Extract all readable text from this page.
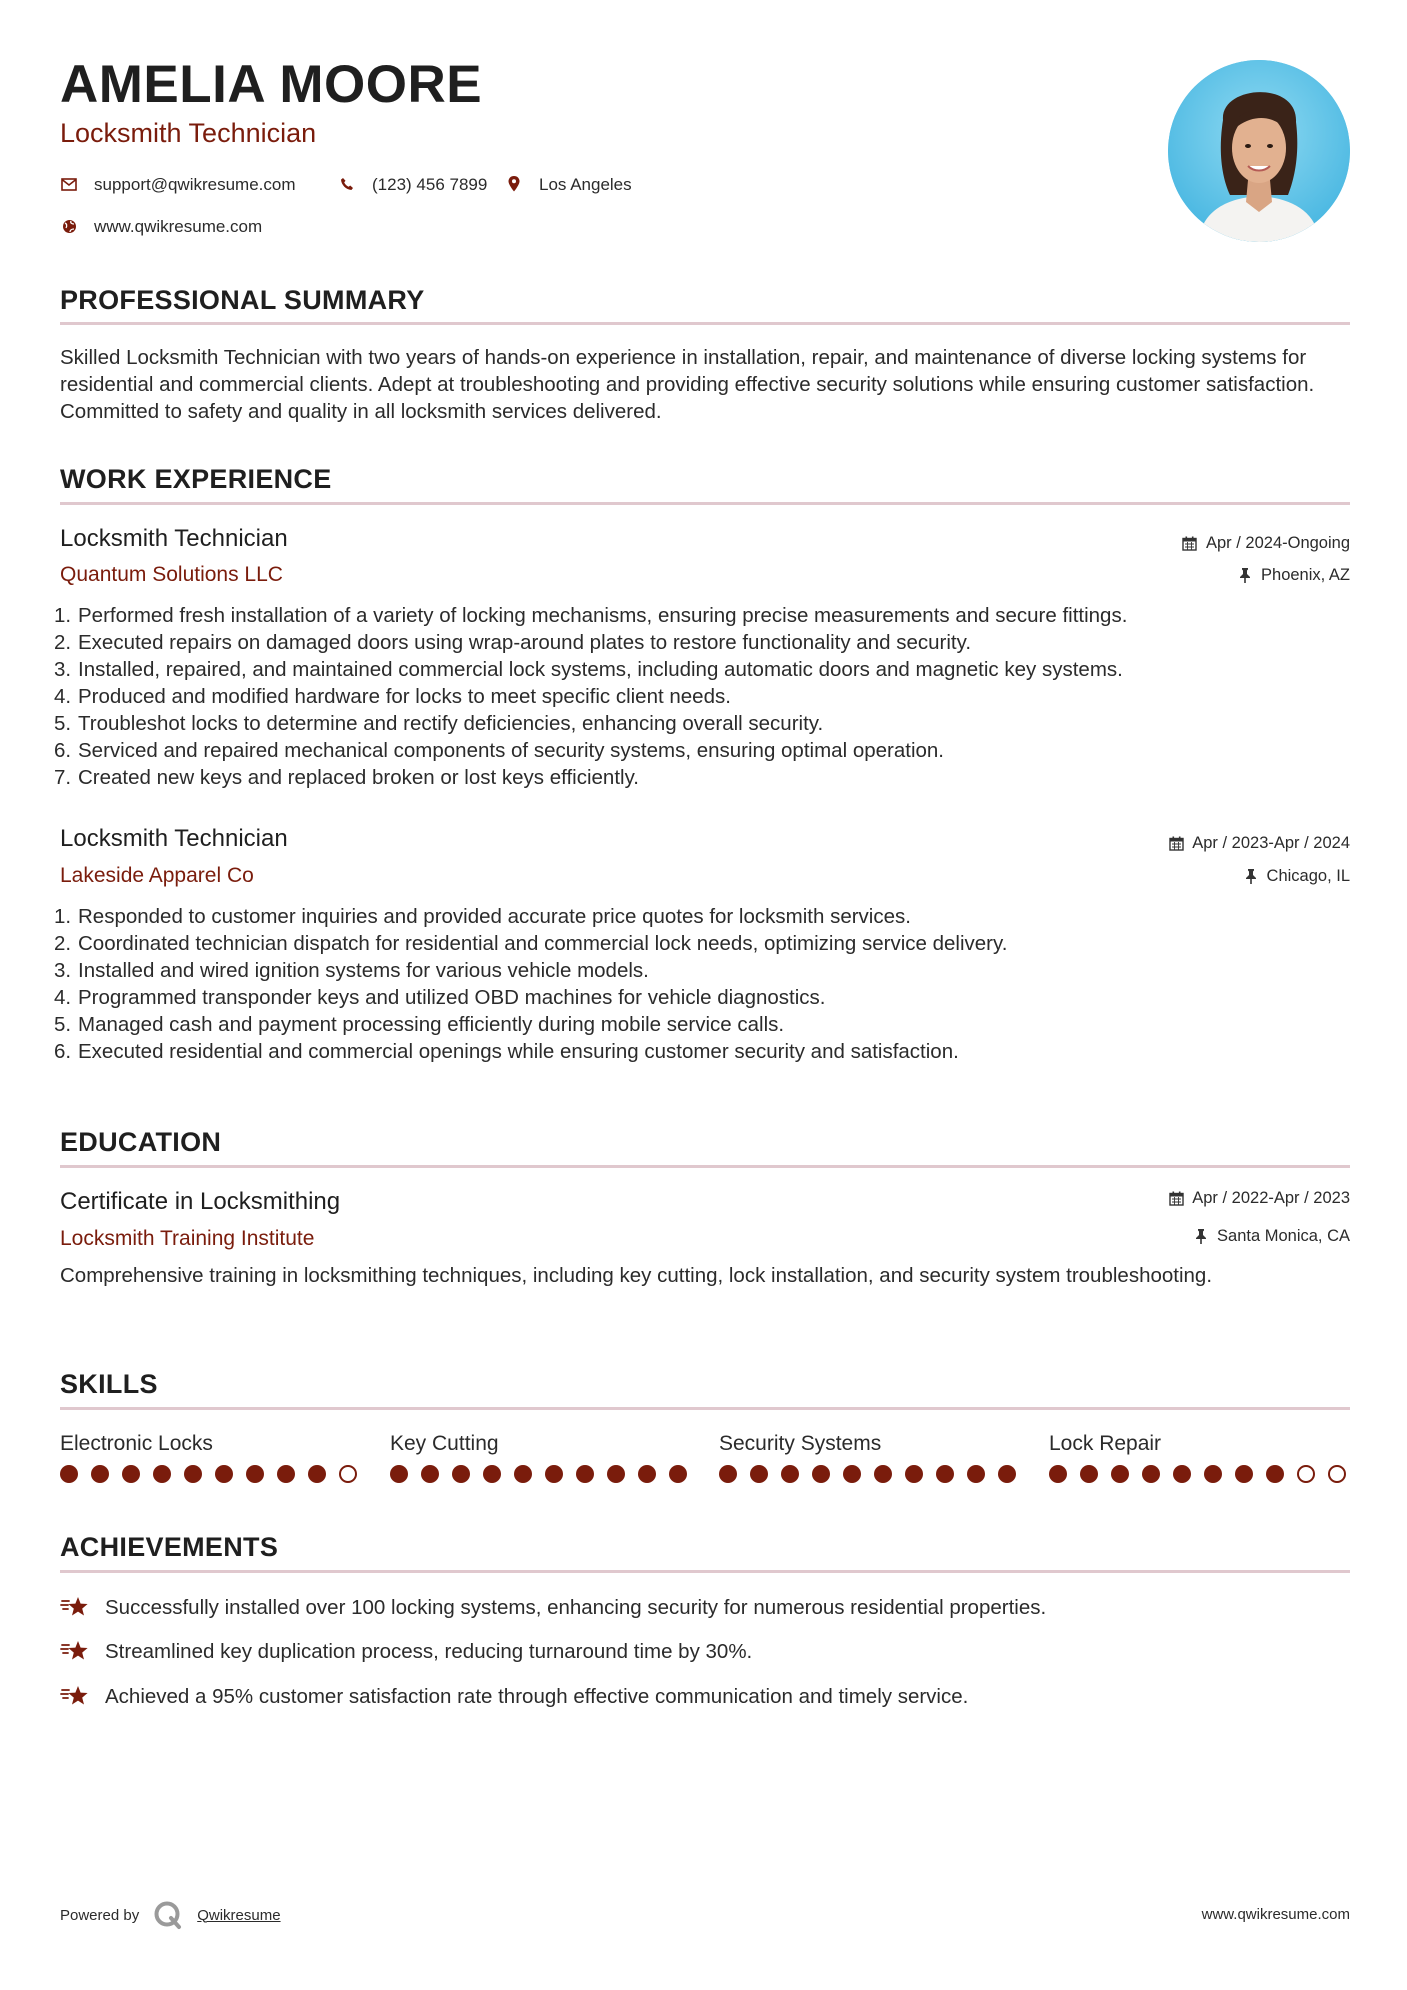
AMELIA MOORE
Locksmith Technician
support@qwikresume.com	(123) 456 7899	Los Angeles
www.qwikresume.com
PROFESSIONAL SUMMARY
Skilled Locksmith Technician with two years of hands-on experience in installation, repair, and maintenance of diverse locking systems for residential and commercial clients. Adept at troubleshooting and providing effective security solutions while ensuring customer satisfaction. Committed to safety and quality in all locksmith services delivered.
WORK EXPERIENCE
Locksmith Technician	Apr / 2024-Ongoing
Quantum Solutions LLC	Phoenix, AZ
1. Performed fresh installation of a variety of locking mechanisms, ensuring precise measurements and secure fittings.
2. Executed repairs on damaged doors using wrap-around plates to restore functionality and security.
3. Installed, repaired, and maintained commercial lock systems, including automatic doors and magnetic key systems.
4. Produced and modified hardware for locks to meet specific client needs.
5. Troubleshot locks to determine and rectify deficiencies, enhancing overall security.
6. Serviced and repaired mechanical components of security systems, ensuring optimal operation.
7. Created new keys and replaced broken or lost keys efficiently.
Locksmith Technician	Apr / 2023-Apr / 2024
Lakeside Apparel Co	Chicago, IL
1. Responded to customer inquiries and provided accurate price quotes for locksmith services.
2. Coordinated technician dispatch for residential and commercial lock needs, optimizing service delivery.
3. Installed and wired ignition systems for various vehicle models.
4. Programmed transponder keys and utilized OBD machines for vehicle diagnostics.
5. Managed cash and payment processing efficiently during mobile service calls.
6. Executed residential and commercial openings while ensuring customer security and satisfaction.
EDUCATION
Certificate in Locksmithing	Apr / 2022-Apr / 2023
Locksmith Training Institute	Santa Monica, CA
Comprehensive training in locksmithing techniques, including key cutting, lock installation, and security system troubleshooting.
SKILLS
Electronic Locks	Key Cutting	Security Systems	Lock Repair
ACHIEVEMENTS
Successfully installed over 100 locking systems, enhancing security for numerous residential properties.
Streamlined key duplication process, reducing turnaround time by 30%.
Achieved a 95% customer satisfaction rate through effective communication and timely service.
Powered by	Qwikresume	www.qwikresume.com
